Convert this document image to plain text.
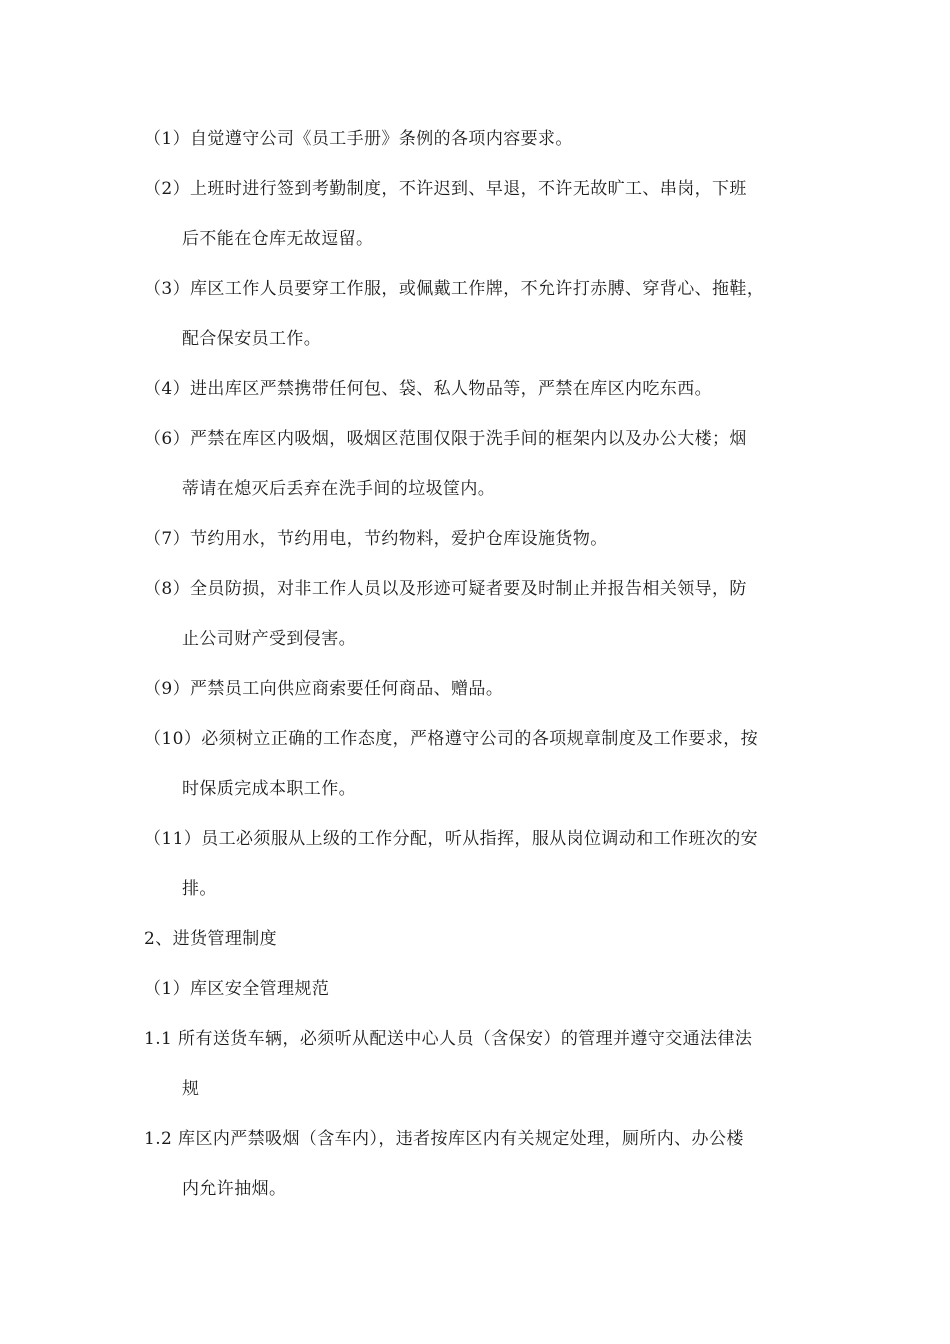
（1）自觉遵守公司《员工手册》条例的各项内容要求。
（2）上班时进行签到考勤制度，不许迟到、早退，不许无故旷工、串岗，下班
后不能在仓库无故逗留。
（3）库区工作人员要穿工作服，或佩戴工作牌，不允许打赤膊、穿背心、拖鞋，
配合保安员工作。
（4）进出库区严禁携带任何包、袋、私人物品等，严禁在库区内吃东西。
（6）严禁在库区内吸烟，吸烟区范围仅限于洗手间的框架内以及办公大楼；烟
蒂请在熄灭后丢弃在洗手间的垃圾筐内。
（7）节约用水，节约用电，节约物料，爱护仓库设施货物。
（8）全员防损，对非工作人员以及形迹可疑者要及时制止并报告相关领导，防
止公司财产受到侵害。
（9）严禁员工向供应商索要任何商品、赠品。
（10）必须树立正确的工作态度，严格遵守公司的各项规章制度及工作要求，按
时保质完成本职工作。
（11）员工必须服从上级的工作分配，听从指挥，服从岗位调动和工作班次的安
排。
2、进货管理制度
（1）库区安全管理规范
1.1 所有送货车辆，必须听从配送中心人员（含保安）的管理并遵守交通法律法
规
1.2 库区内严禁吸烟（含车内），违者按库区内有关规定处理，厕所内、办公楼
内允许抽烟。
